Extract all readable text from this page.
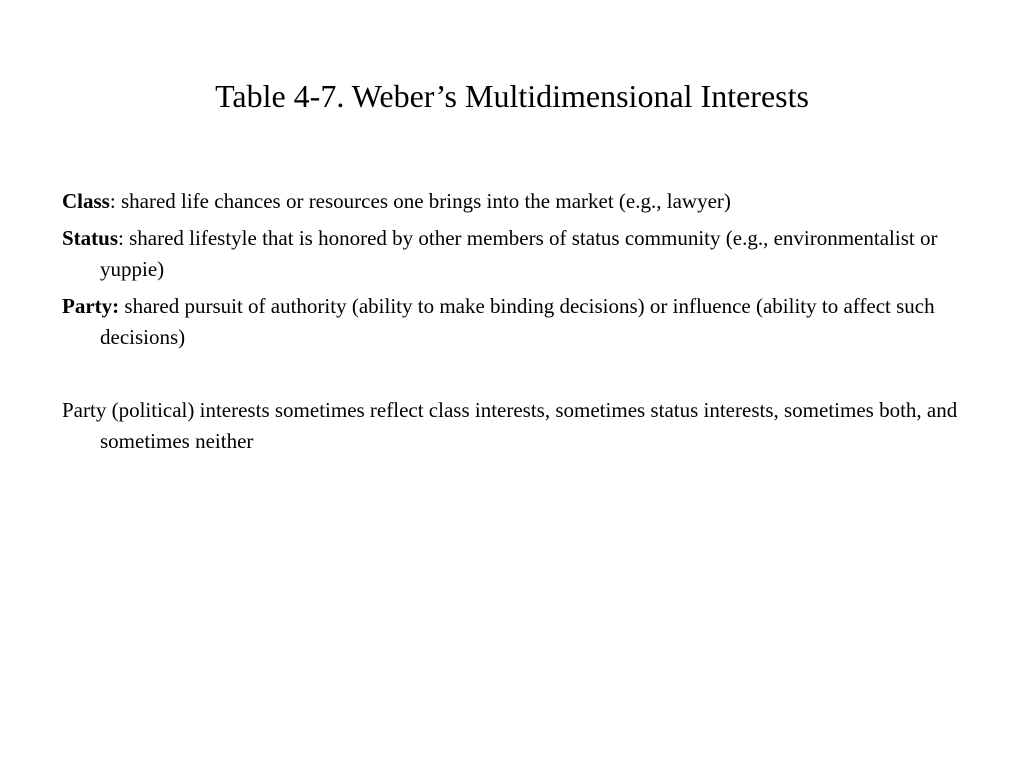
Table 4-7. Weber’s Multidimensional Interests

Class: shared life chances or resources one brings into the market (e.g., lawyer)

Status: shared lifestyle that is honored by other members of status community (e.g., environmentalist or yuppie)

Party: shared pursuit of authority (ability to make binding decisions) or influence (ability to affect such decisions)

Party (political) interests sometimes reflect class interests, sometimes status interests, sometimes both, and sometimes neither
